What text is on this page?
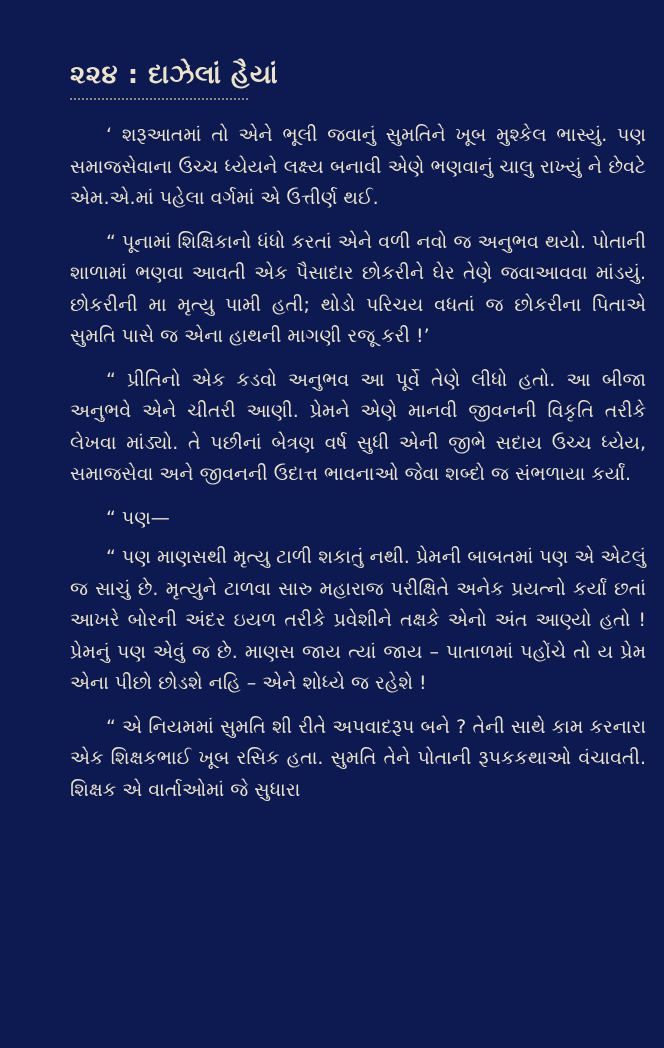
૨૨૪ : દાઝેલાં હૈયાં

‘ શરૂઆતમાં તો એને ભૂલી જવાનું સુમતિને ખૂબ મુશ્કેલ ભાસ્યું. પણ સમાજસેવાના ઉચ્ચ ધ્યેયને લક્ષ્ય બનાવી એણે ભણવાનું ચાલુ રાખ્યું ને છેવટે એમ.એ.માં પહેલા વર્ગમાં એ ઉત્તીર્ણ થઈ.

“ પૂનામાં શિક્ષિકાનો ધંધો કરતાં એને વળી નવો જ અનુભવ થયો. પોતાની શાળામાં ભણવા આવતી એક પૈસાદાર છોકરીને ઘેર તેણે જવાઆવવા માંડયું. છોકરીની મા મૃત્યુ પામી હતી; થોડો પરિચય વધતાં જ છોકરીના પિતાએ સુમતિ પાસે જ એના હાથની માગણી રજૂ કરી !’

“ પ્રીતિનો એક કડવો અનુભવ આ પૂર્વે તેણે લીધો હતો. આ બીજા અનુભવે એને ચીતરી આણી. પ્રેમને એણે માનવી જીવનની વિકૃતિ તરીકે લેખવા માંડ્યો. તે પછીનાં બેત્રણ વર્ષ સુધી એની જીભે સદાય ઉચ્ચ ધ્યેય, સમાજસેવા અને જીવનની ઉદાત્ત ભાવનાઓ જેવા શબ્દો જ સંભળાયા કર્યાં.

“ પણ—

“ પણ માણસથી મૃત્યુ ટાળી શકાતું નથી. પ્રેમની બાબતમાં પણ એ એટલું જ સાચું છે. મૃત્યુને ટાળવા સારુ મહારાજ પરીક્ષિતે અનેક પ્રયત્નો કર્યાં છતાં આખરે બોરની અંદર ઇયળ તરીકે પ્રવેશીને તક્ષકે એનો અંત આણ્યો હતો ! પ્રેમનું પણ એવું જ છે. માણસ જાય ત્યાં જાય – પાતાળમાં પહોંચે તો ય પ્રેમ એના પીછો છોડશે નહિ – એને શોધ્યે જ રહેશે !

“ એ નિયમમાં સુમતિ શી રીતે અપવાદરૂપ બને ? તેની સાથે કામ કરનારા એક શિક્ષકભાઈ ખૂબ રસિક હતા. સુમતિ તેને પોતાની રૂપકકથાઓ વંચાવતી. શિક્ષક એ વાર્તાઓમાં જે સુધારા
